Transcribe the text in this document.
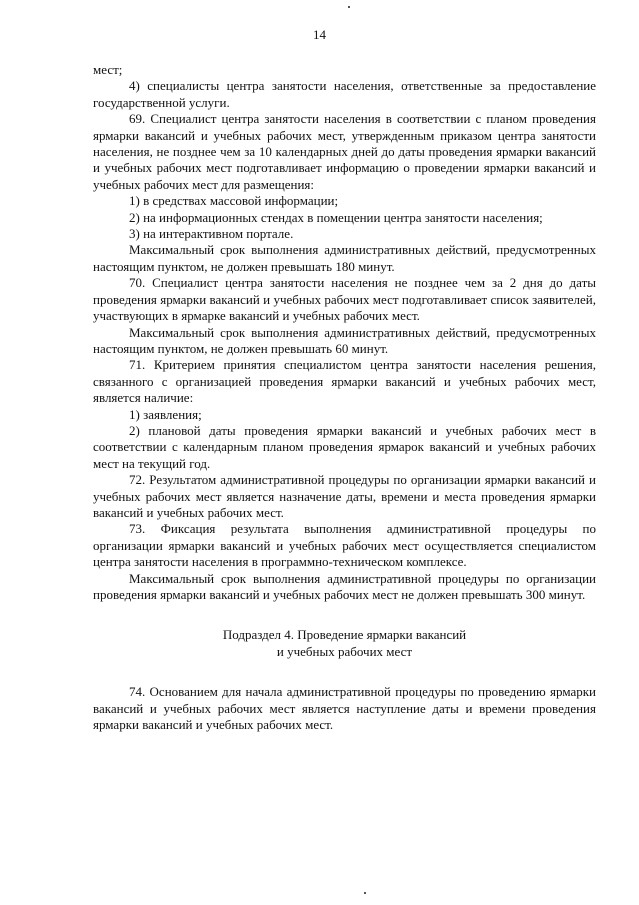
14

мест;

4) специалисты центра занятости населения, ответственные за предоставление государственной услуги.

69. Специалист центра занятости населения в соответствии с планом проведения ярмарки вакансий и учебных рабочих мест, утвержденным приказом центра занятости населения, не позднее чем за 10 календарных дней до даты проведения ярмарки вакансий и учебных рабочих мест подготавливает информацию о проведении ярмарки вакансий и учебных рабочих мест для размещения:

1) в средствах массовой информации;

2) на информационных стендах в помещении центра занятости населения;

3) на интерактивном портале.

Максимальный срок выполнения административных действий, предусмотренных настоящим пунктом, не должен превышать 180 минут.

70. Специалист центра занятости населения не позднее чем за 2 дня до даты проведения ярмарки вакансий и учебных рабочих мест подготавливает список заявителей, участвующих в ярмарке вакансий и учебных рабочих мест.

Максимальный срок выполнения административных действий, предусмотренных настоящим пунктом, не должен превышать 60 минут.

71. Критерием принятия специалистом центра занятости населения решения, связанного с организацией проведения ярмарки вакансий и учебных рабочих мест, является наличие:

1) заявления;

2) плановой даты проведения ярмарки вакансий и учебных рабочих мест в соответствии с календарным планом проведения ярмарок вакансий и учебных рабочих мест на текущий год.

72. Результатом административной процедуры по организации ярмарки вакансий и учебных рабочих мест является назначение даты, времени и места проведения ярмарки вакансий и учебных рабочих мест.

73. Фиксация результата выполнения административной процедуры по организации ярмарки вакансий и учебных рабочих мест осуществляется специалистом центра занятости населения в программно-техническом комплексе.

Максимальный срок выполнения административной процедуры по организации проведения ярмарки вакансий и учебных рабочих мест не должен превышать 300 минут.

Подраздел 4. Проведение ярмарки вакансий

и учебных рабочих мест

74. Основанием для начала административной процедуры по проведению ярмарки вакансий и учебных рабочих мест является наступление даты и времени проведения ярмарки вакансий и учебных рабочих мест.
